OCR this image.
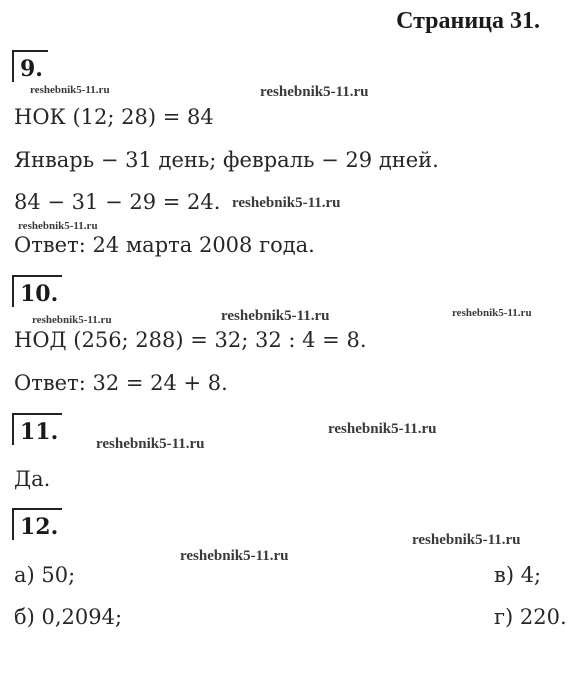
Страница 31.
9.
НОК (12; 28) = 84
Январь − 31 день; февраль − 29 дней.
84 − 31 − 29 = 24.
Ответ: 24 марта 2008 года.
10.
НОД (256; 288) = 32; 32 : 4 = 8.
Ответ: 32 = 24 + 8.
11.
Да.
12.
а) 50;
б) 0,2094;
в) 4;
г) 220.
reshebnik5-11.ru	reshebnik5-11.ru
reshebnik5-11.ru
reshebnik5-11.ru
reshebnik5-11.ru	reshebnik5-11.ru	reshebnik5-11.ru
reshebnik5-11.ru
reshebnik5-11.ru
reshebnik5-11.ru
reshebnik5-11.ru
